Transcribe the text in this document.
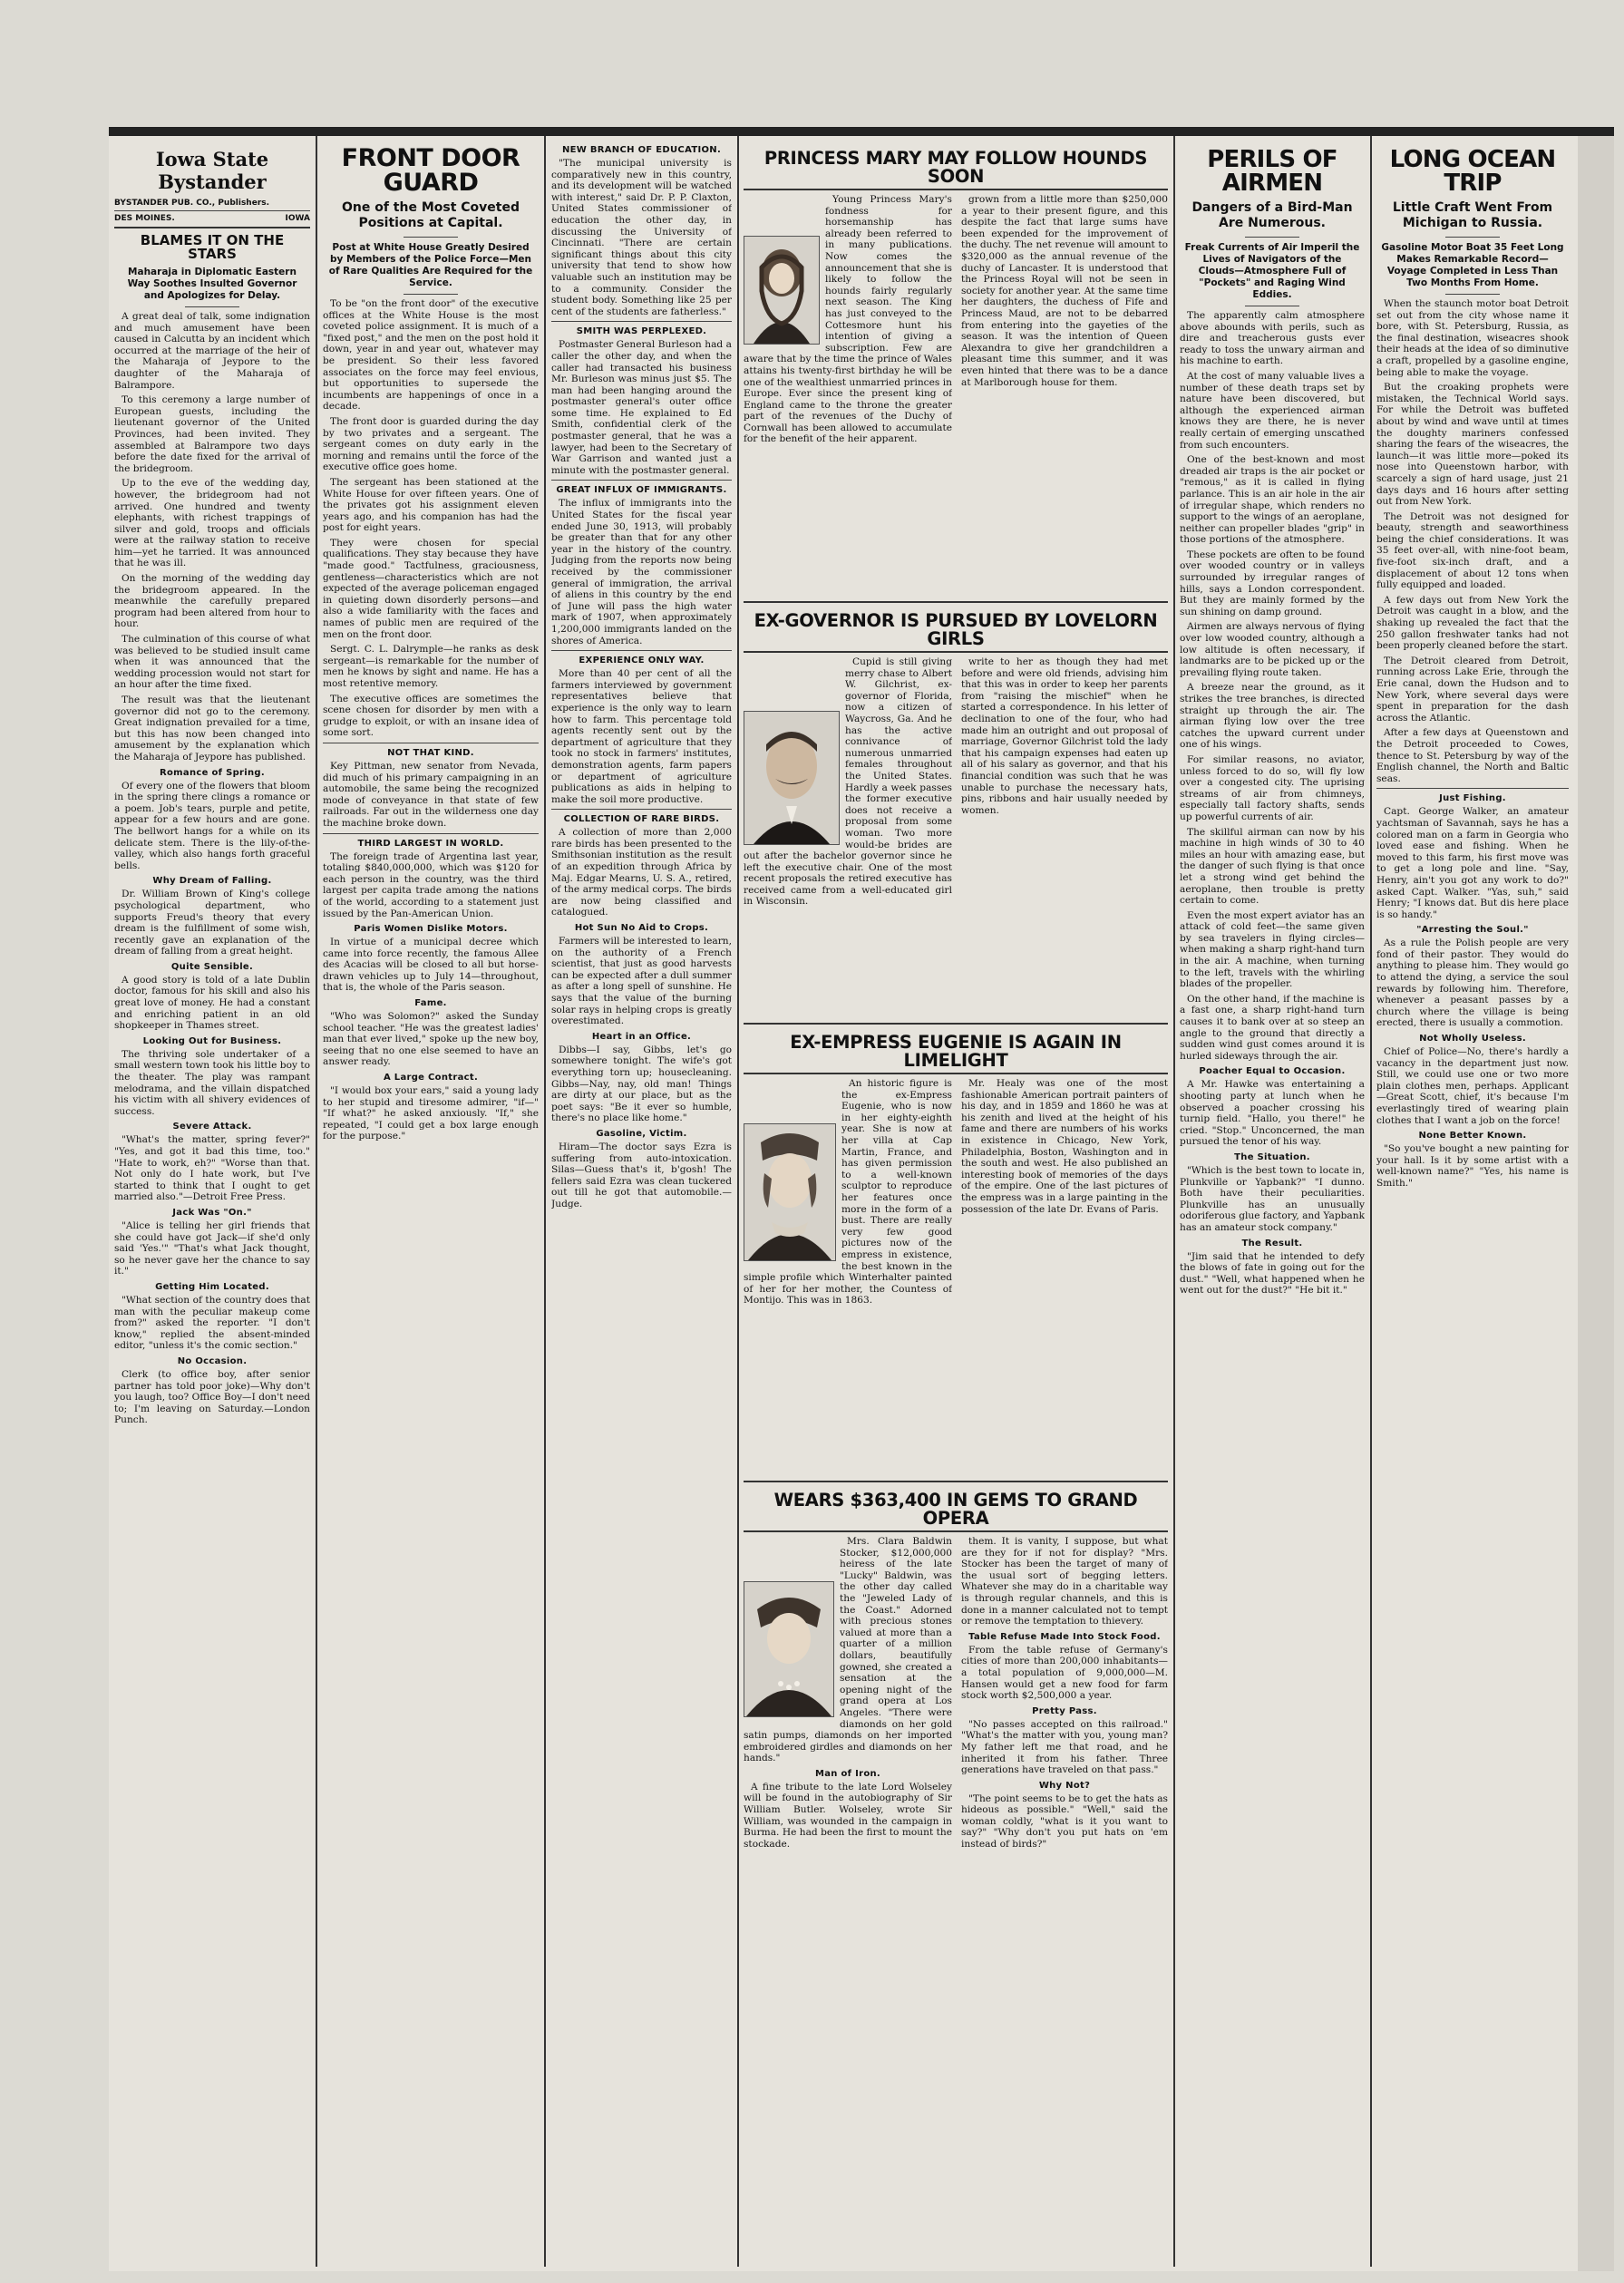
Iowa State Bystander
BYSTANDER PUB. CO., Publishers.
DES MOINES.	IOWA
BLAMES IT ON THE STARS
Maharaja in Diplomatic Eastern Way Soothes Insulted Governor and Apologizes for Delay.

A great deal of talk, some indignation and much amusement have been caused in Calcutta by an incident which occurred at the marriage of the heir of the Maharaja of Jeypore to the daughter of the Maharaja of Balrampore.

To this ceremony a large number of European guests, including the lieutenant governor of the United Provinces, had been invited. They assembled at Balrampore two days before the date fixed for the arrival of the bridegroom.

Up to the eve of the wedding day, however, the bridegroom had not arrived. One hundred and twenty elephants, with richest trappings of silver and gold, troops and officials were at the railway station to receive him—yet he tarried. It was announced that he was ill.

On the morning of the wedding day the bridegroom appeared. In the meanwhile the carefully prepared program had been altered from hour to hour.

The culmination of this course of what was believed to be studied insult came when it was announced that the wedding procession would not start for an hour after the time fixed.

The result was that the lieutenant governor did not go to the ceremony. Great indignation prevailed for a time, but this has now been changed into amusement by the explanation which the Maharaja of Jeypore has published.

Romance of Spring.

Of every one of the flowers that bloom in the spring there clings a romance or a poem. Job's tears, purple and petite, appear for a few hours and are gone. The bellwort hangs for a while on its delicate stem. There is the lily-of-the-valley, which also hangs forth graceful bells.

Why Dream of Falling.

Dr. William Brown of King's college psychological department, who supports Freud's theory that every dream is the fulfillment of some wish, recently gave an explanation of the dream of falling from a great height.

Quite Sensible.

A good story is told of a late Dublin doctor, famous for his skill and also his great love of money. He had a constant and enriching patient in an old shopkeeper in Thames street.

Looking Out for Business.

The thriving sole undertaker of a small western town took his little boy to the theater. The play was rampant melodrama, and the villain dispatched his victim with all shivery evidences of success.

Severe Attack.

"What's the matter, spring fever?" "Yes, and got it bad this time, too." "Hate to work, eh?" "Worse than that. Not only do I hate work, but I've started to think that I ought to get married also."—Detroit Free Press.

Jack Was "On."

"Alice is telling her girl friends that she could have got Jack—if she'd only said 'Yes.'" "That's what Jack thought, so he never gave her the chance to say it."

Getting Him Located.

"What section of the country does that man with the peculiar makeup come from?" asked the reporter. "I don't know," replied the absent-minded editor, "unless it's the comic section."

No Occasion.

Clerk (to office boy, after senior partner has told poor joke)—Why don't you laugh, too? Office Boy—I don't need to; I'm leaving on Saturday.—London Punch.

FRONT DOOR GUARD
One of the Most Coveted Positions at Capital.
Post at White House Greatly Desired by Members of the Police Force—Men of Rare Qualities Are Required for the Service.

To be "on the front door" of the executive offices at the White House is the most coveted police assignment. It is much of a "fixed post," and the men on the post hold it down, year in and year out, whatever may be president. So their less favored associates on the force may feel envious, but opportunities to supersede the incumbents are happenings of once in a decade.

The front door is guarded during the day by two privates and a sergeant. The sergeant comes on duty early in the morning and remains until the force of the executive office goes home.

The sergeant has been stationed at the White House for over fifteen years. One of the privates got his assignment eleven years ago, and his companion has had the post for eight years.

They were chosen for special qualifications. They stay because they have "made good." Tactfulness, graciousness, gentleness—characteristics which are not expected of the average policeman engaged in quieting down disorderly persons—and also a wide familiarity with the faces and names of public men are required of the men on the front door.

Sergt. C. L. Dalrymple—he ranks as desk sergeant—is remarkable for the number of men he knows by sight and name. He has a most retentive memory.

The executive offices are sometimes the scene chosen for disorder by men with a grudge to exploit, or with an insane idea of some sort.

NOT THAT KIND.

Key Pittman, new senator from Nevada, did much of his primary campaigning in an automobile, the same being the recognized mode of conveyance in that state of few railroads. Far out in the wilderness one day the machine broke down.

THIRD LARGEST IN WORLD.

The foreign trade of Argentina last year, totaling $840,000,000, which was $120 for each person in the country, was the third largest per capita trade among the nations of the world, according to a statement just issued by the Pan-American Union.

Paris Women Dislike Motors.

In virtue of a municipal decree which came into force recently, the famous Allee des Acacias will be closed to all but horse-drawn vehicles up to July 14—throughout, that is, the whole of the Paris season.

Fame.

"Who was Solomon?" asked the Sunday school teacher. "He was the greatest ladies' man that ever lived," spoke up the new boy, seeing that no one else seemed to have an answer ready.

A Large Contract.

"I would box your ears," said a young lady to her stupid and tiresome admirer, "if—" "If what?" he asked anxiously. "If," she repeated, "I could get a box large enough for the purpose."

NEW BRANCH OF EDUCATION.

"The municipal university is comparatively new in this country, and its development will be watched with interest," said Dr. P. P. Claxton, United States commissioner of education the other day, in discussing the University of Cincinnati. "There are certain significant things about this city university that tend to show how valuable such an institution may be to a community. Consider the student body. Something like 25 per cent of the students are fatherless."

SMITH WAS PERPLEXED.

Postmaster General Burleson had a caller the other day, and when the caller had transacted his business Mr. Burleson was minus just $5. The man had been hanging around the postmaster general's outer office some time. He explained to Ed Smith, confidential clerk of the postmaster general, that he was a lawyer, had been to the Secretary of War Garrison and wanted just a minute with the postmaster general.

GREAT INFLUX OF IMMIGRANTS.

The influx of immigrants into the United States for the fiscal year ended June 30, 1913, will probably be greater than that for any other year in the history of the country. Judging from the reports now being received by the commissioner general of immigration, the arrival of aliens in this country by the end of June will pass the high water mark of 1907, when approximately 1,200,000 immigrants landed on the shores of America.

EXPERIENCE ONLY WAY.

More than 40 per cent of all the farmers interviewed by government representatives believe that experience is the only way to learn how to farm. This percentage told agents recently sent out by the department of agriculture that they took no stock in farmers' institutes, demonstration agents, farm papers or department of agriculture publications as aids in helping to make the soil more productive.

COLLECTION OF RARE BIRDS.

A collection of more than 2,000 rare birds has been presented to the Smithsonian institution as the result of an expedition through Africa by Maj. Edgar Mearns, U. S. A., retired, of the army medical corps. The birds are now being classified and catalogued.

Hot Sun No Aid to Crops.

Farmers will be interested to learn, on the authority of a French scientist, that just as good harvests can be expected after a dull summer as after a long spell of sunshine. He says that the value of the burning solar rays in helping crops is greatly overestimated.

Heart in an Office.

Dibbs—I say, Gibbs, let's go somewhere tonight. The wife's got everything torn up; housecleaning. Gibbs—Nay, nay, old man! Things are dirty at our place, but as the poet says: "Be it ever so humble, there's no place like home."

Gasoline, Victim.

Hiram—The doctor says Ezra is suffering from auto-intoxication. Silas—Guess that's it, b'gosh! The fellers said Ezra was clean tuckered out till he got that automobile.—Judge.

PRINCESS MARY MAY FOLLOW HOUNDS SOON

Young Princess Mary's fondness for horsemanship has already been referred to in many publications. Now comes the announcement that she is likely to follow the hounds fairly regularly next season. The King has just conveyed to the Cottesmore hunt his intention of giving a subscription. Few are aware that by the time the prince of Wales attains his twenty-first birthday he will be one of the wealthiest unmarried princes in Europe. Ever since the present king of England came to the throne the greater part of the revenues of the Duchy of Cornwall has been allowed to accumulate for the benefit of the heir apparent.

grown from a little more than $250,000 a year to their present figure, and this despite the fact that large sums have been expended for the improvement of the duchy. The net revenue will amount to $320,000 as the annual revenue of the duchy of Lancaster. It is understood that the Princess Royal will not be seen in society for another year. At the same time her daughters, the duchess of Fife and Princess Maud, are not to be debarred from entering into the gayeties of the season. It was the intention of Queen Alexandra to give her grandchildren a pleasant time this summer, and it was even hinted that there was to be a dance at Marlborough house for them.

EX-GOVERNOR IS PURSUED BY LOVELORN GIRLS

Cupid is still giving merry chase to Albert W. Gilchrist, ex-governor of Florida, now a citizen of Waycross, Ga. And he has the active connivance of numerous unmarried females throughout the United States. Hardly a week passes the former executive does not receive a proposal from some woman. Two more would-be brides are out after the bachelor governor since he left the executive chair. One of the most recent proposals the retired executive has received came from a well-educated girl in Wisconsin.

write to her as though they had met before and were old friends, advising him that this was in order to keep her parents from "raising the mischief" when he started a correspondence. In his letter of declination to one of the four, who had made him an outright and out proposal of marriage, Governor Gilchrist told the lady that his campaign expenses had eaten up all of his salary as governor, and that his financial condition was such that he was unable to purchase the necessary hats, pins, ribbons and hair usually needed by women.

EX-EMPRESS EUGENIE IS AGAIN IN LIMELIGHT

An historic figure is the ex-Empress Eugenie, who is now in her eighty-eighth year. She is now at her villa at Cap Martin, France, and has given permission to a well-known sculptor to reproduce her features once more in the form of a bust. There are really very few good pictures now of the empress in existence, the best known in the simple profile which Winterhalter painted of her for her mother, the Countess of Montijo. This was in 1863.

Mr. Healy was one of the most fashionable American portrait painters of his day, and in 1859 and 1860 he was at his zenith and lived at the height of his fame and there are numbers of his works in existence in Chicago, New York, Philadelphia, Boston, Washington and in the south and west. He also published an interesting book of memories of the days of the empire. One of the last pictures of the empress was in a large painting in the possession of the late Dr. Evans of Paris.

WEARS $363,400 IN GEMS TO GRAND OPERA

Mrs. Clara Baldwin Stocker, $12,000,000 heiress of the late "Lucky" Baldwin, was the other day called the "Jeweled Lady of the Coast." Adorned with precious stones valued at more than a quarter of a million dollars, beautifully gowned, she created a sensation at the opening night of the grand opera at Los Angeles. "There were diamonds on her gold satin pumps, diamonds on her imported embroidered girdles and diamonds on her hands."

Man of Iron.

A fine tribute to the late Lord Wolseley will be found in the autobiography of Sir William Butler. Wolseley, wrote Sir William, was wounded in the campaign in Burma. He had been the first to mount the stockade.

them. It is vanity, I suppose, but what are they for if not for display? "Mrs. Stocker has been the target of many of the usual sort of begging letters. Whatever she may do in a charitable way is through regular channels, and this is done in a manner calculated not to tempt or remove the temptation to thievery.

Table Refuse Made Into Stock Food.

From the table refuse of Germany's cities of more than 200,000 inhabitants—a total population of 9,000,000—M. Hansen would get a new food for farm stock worth $2,500,000 a year.

Pretty Pass.

"No passes accepted on this railroad." "What's the matter with you, young man? My father left me that road, and he inherited it from his father. Three generations have traveled on that pass."

Why Not?

"The point seems to be to get the hats as hideous as possible." "Well," said the woman coldly, "what is it you want to say?" "Why don't you put hats on 'em instead of birds?"

PERILS OF AIRMEN
Dangers of a Bird-Man Are Numerous.
Freak Currents of Air Imperil the Lives of Navigators of the Clouds—Atmosphere Full of "Pockets" and Raging Wind Eddies.

The apparently calm atmosphere above abounds with perils, such as dire and treacherous gusts ever ready to toss the unwary airman and his machine to earth.

At the cost of many valuable lives a number of these death traps set by nature have been discovered, but although the experienced airman knows they are there, he is never really certain of emerging unscathed from such encounters.

One of the best-known and most dreaded air traps is the air pocket or "remous," as it is called in flying parlance. This is an air hole in the air of irregular shape, which renders no support to the wings of an aeroplane, neither can propeller blades "grip" in those portions of the atmosphere.

These pockets are often to be found over wooded country or in valleys surrounded by irregular ranges of hills, says a London correspondent. But they are mainly formed by the sun shining on damp ground.

Airmen are always nervous of flying over low wooded country, although a low altitude is often necessary, if landmarks are to be picked up or the prevailing flying route taken.

A breeze near the ground, as it strikes the tree branches, is directed straight up through the air. The airman flying low over the tree catches the upward current under one of his wings.

For similar reasons, no aviator, unless forced to do so, will fly low over a congested city. The uprising streams of air from chimneys, especially tall factory shafts, sends up powerful currents of air.

The skillful airman can now by his machine in high winds of 30 to 40 miles an hour with amazing ease, but the danger of such flying is that once let a strong wind get behind the aeroplane, then trouble is pretty certain to come.

Even the most expert aviator has an attack of cold feet—the same given by sea travelers in flying circles—when making a sharp right-hand turn in the air. A machine, when turning to the left, travels with the whirling blades of the propeller.

On the other hand, if the machine is a fast one, a sharp right-hand turn causes it to bank over at so steep an angle to the ground that directly a sudden wind gust comes around it is hurled sideways through the air.

Poacher Equal to Occasion.

A Mr. Hawke was entertaining a shooting party at lunch when he observed a poacher crossing his turnip field. "Hallo, you there!" he cried. "Stop." Unconcerned, the man pursued the tenor of his way.

The Situation.

"Which is the best town to locate in, Plunkville or Yapbank?" "I dunno. Both have their peculiarities. Plunkville has an unusually odoriferous glue factory, and Yapbank has an amateur stock company."

The Result.

"Jim said that he intended to defy the blows of fate in going out for the dust." "Well, what happened when he went out for the dust?" "He bit it."

LONG OCEAN TRIP
Little Craft Went From Michigan to Russia.
Gasoline Motor Boat 35 Feet Long Makes Remarkable Record—Voyage Completed in Less Than Two Months From Home.

When the staunch motor boat Detroit set out from the city whose name it bore, with St. Petersburg, Russia, as the final destination, wiseacres shook their heads at the idea of so diminutive a craft, propelled by a gasoline engine, being able to make the voyage.

But the croaking prophets were mistaken, the Technical World says. For while the Detroit was buffeted about by wind and wave until at times the doughty mariners confessed sharing the fears of the wiseacres, the launch—it was little more—poked its nose into Queenstown harbor, with scarcely a sign of hard usage, just 21 days days and 16 hours after setting out from New York.

The Detroit was not designed for beauty, strength and seaworthiness being the chief considerations. It was 35 feet over-all, with nine-foot beam, five-foot six-inch draft, and a displacement of about 12 tons when fully equipped and loaded.

A few days out from New York the Detroit was caught in a blow, and the shaking up revealed the fact that the 250 gallon freshwater tanks had not been properly cleaned before the start.

The Detroit cleared from Detroit, running across Lake Erie, through the Erie canal, down the Hudson and to New York, where several days were spent in preparation for the dash across the Atlantic.

After a few days at Queenstown and the Detroit proceeded to Cowes, thence to St. Petersburg by way of the English channel, the North and Baltic seas.

Just Fishing.

Capt. George Walker, an amateur yachtsman of Savannah, says he has a colored man on a farm in Georgia who loved ease and fishing. When he moved to this farm, his first move was to get a long pole and line. "Say, Henry, ain't you got any work to do?" asked Capt. Walker. "Yas, suh," said Henry; "I knows dat. But dis here place is so handy."

"Arresting the Soul."

As a rule the Polish people are very fond of their pastor. They would do anything to please him. They would go to attend the dying, a service the soul rewards by following him. Therefore, whenever a peasant passes by a church where the village is being erected, there is usually a commotion.

Not Wholly Useless.

Chief of Police—No, there's hardly a vacancy in the department just now. Still, we could use one or two more plain clothes men, perhaps. Applicant—Great Scott, chief, it's because I'm everlastingly tired of wearing plain clothes that I want a job on the force!

None Better Known.

"So you've bought a new painting for your hall. Is it by some artist with a well-known name?" "Yes, his name is Smith."
